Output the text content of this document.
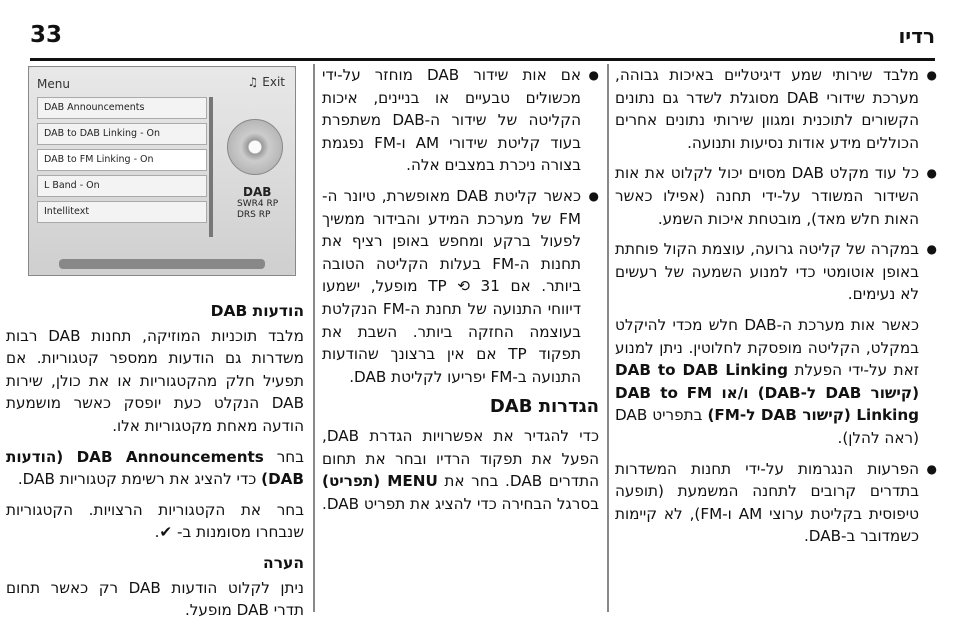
33	רדיו

● מלבד שירותי שמע דיגיטליים באיכות גבוהה, מערכת שידורי DAB מסוגלת לשדר גם נתונים הקשורים לתוכנית ומגוון שירותי נתונים אחרים הכוללים מידע אודות נסיעות ותנועה.

● כל עוד מקלט DAB מסוים יכול לקלוט את אות השידור המשודר על-ידי תחנה (אפילו כאשר האות חלש מאד), מובטחת איכות השמע.

● במקרה של קליטה גרועה, עוצמת הקול פוחתת באופן אוטומטי כדי למנוע השמעה של רעשים לא נעימים.

כאשר אות מערכת ה-DAB חלש מכדי להיקלט במקלט, הקליטה מופסקת לחלוטין. ניתן למנוע זאת על-ידי הפעלת DAB to DAB Linking (קישור DAB ל-DAB) ו/או DAB to FM Linking (קישור DAB ל-FM) בתפריט DAB (ראה להלן).

● הפרעות הנגרמות על-ידי תחנות המשדרות בתדרים קרובים לתחנה המשמעת (תופעה טיפוסית בקליטת ערוצי AM ו-FM), לא קיימות כשמדובר ב-DAB.

● אם אות שידור DAB מוחזר על-ידי מכשולים טבעיים או בניינים, איכות הקליטה של שידור ה-DAB משתפרת בעוד קליטת שידורי AM ו-FM נפגמת בצורה ניכרת במצבים אלה.

● כאשר קליטת DAB מאופשרת, טיונר ה-FM של מערכת המידע והבידור ממשיך לפעול ברקע ומחפש באופן רציף את תחנות ה-FM בעלות הקליטה הטובה ביותר. אם TP ⟲ 31 מופעל, ישמעו דיווחי התנועה של תחנת ה-FM הנקלטת בעוצמה החזקה ביותר. השבת את תפקוד TP אם אין ברצונך שהודעות התנועה ב-FM יפריעו לקליטת DAB.

הגדרות DAB

כדי להגדיר את אפשרויות הגדרת DAB, הפעל את תפקוד הרדיו ובחר את תחום התדרים DAB. בחר את MENU (תפריט) בסרגל הבחירה כדי להציג את תפריט DAB.

Menu	♫ Exit
DAB Announcements
DAB to DAB Linking - On
DAB to FM Linking - On
L Band - On
Intellitext
DAB
SWR4 RP
DRS RP
הודעות DAB

מלבד תוכניות המוזיקה, תחנות DAB רבות משדרות גם הודעות ממספר קטגוריות. אם תפעיל חלק מהקטגוריות או את כולן, שירות DAB הנקלט כעת יופסק כאשר מושמעת הודעה מאחת מקטגוריות אלו.

בחר DAB Announcements (הודעות DAB) כדי להציג את רשימת קטגוריות DAB.

בחר את הקטגוריות הרצויות. הקטגוריות שנבחרו מסומנות ב- ✔.

הערה

ניתן לקלוט הודעות DAB רק כאשר תחום תדרי DAB מופעל.
